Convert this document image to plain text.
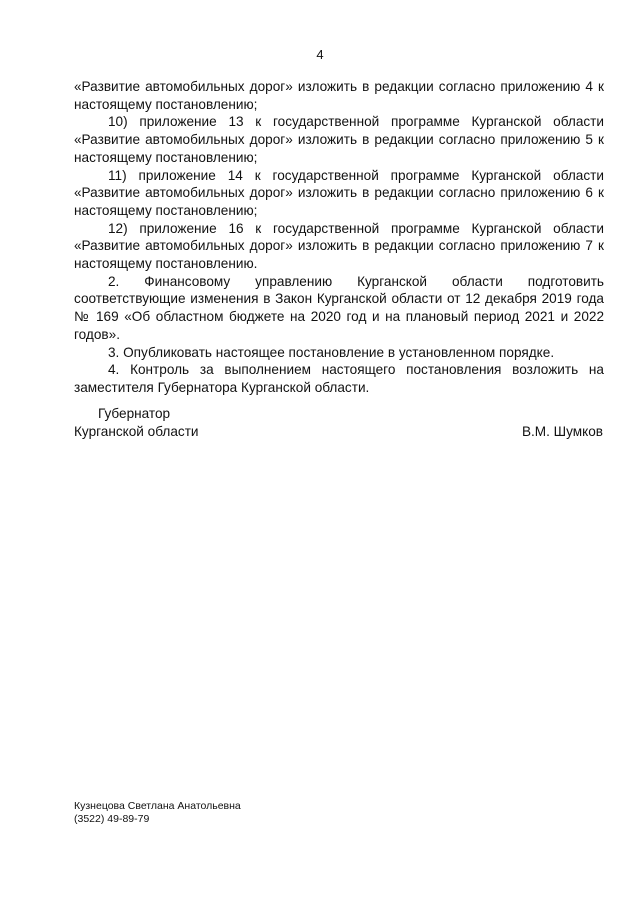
4

«Развитие автомобильных дорог» изложить в редакции согласно приложению 4 к настоящему постановлению;

10) приложение 13 к государственной программе Курганской области «Развитие автомобильных дорог» изложить в редакции согласно приложению 5 к настоящему постановлению;

11) приложение 14 к государственной программе Курганской области «Развитие автомобильных дорог» изложить в редакции согласно приложению 6 к настоящему постановлению;

12) приложение 16 к государственной программе Курганской области «Развитие автомобильных дорог» изложить в редакции согласно приложению 7 к настоящему постановлению.

2. Финансовому управлению Курганской области подготовить соответствующие изменения в Закон Курганской области от 12 декабря 2019 года № 169 «Об областном бюджете на 2020 год и на плановый период 2021 и 2022 годов».

3. Опубликовать настоящее постановление в установленном порядке.

4. Контроль за выполнением настоящего постановления возложить на заместителя Губернатора Курганской области.

Губернатор
Курганской области	В.М. Шумков
Кузнецова Светлана Анатольевна
(3522) 49-89-79
